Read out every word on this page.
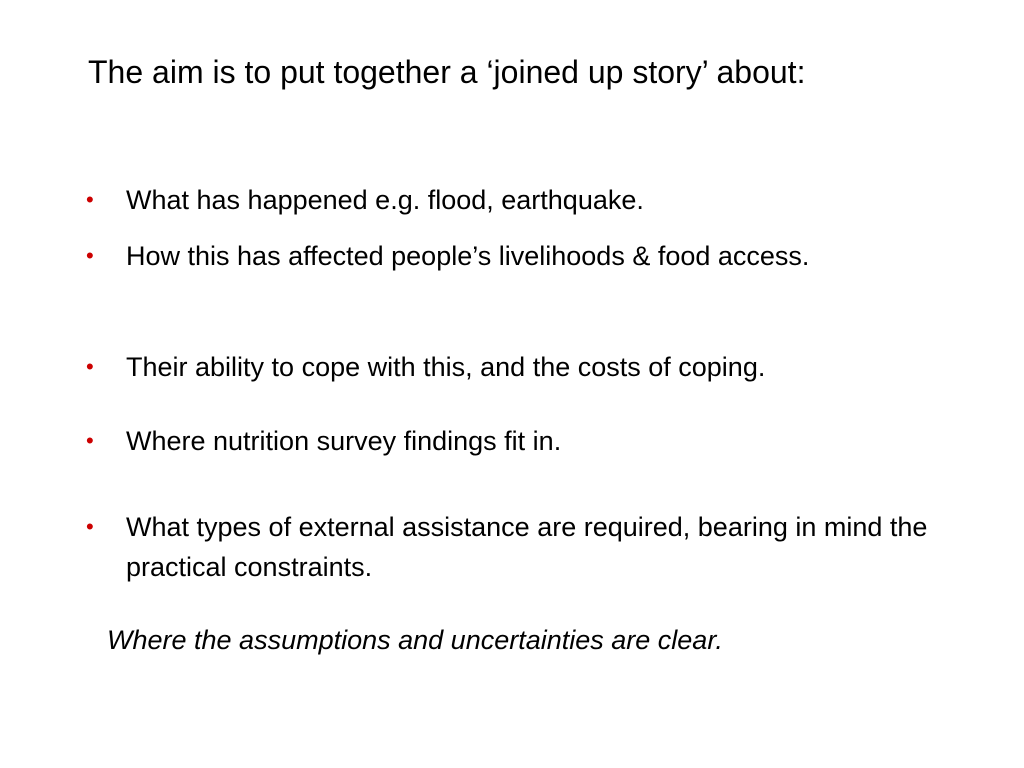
The aim is to put together a ‘joined up story’ about:
•	What has happened e.g. flood, earthquake.
•	How this has affected people’s livelihoods & food access.
•	Their ability to cope with this, and the costs of coping.
•	Where nutrition survey findings fit in.
•	What types of external assistance are required, bearing in mind the practical constraints.

Where the assumptions and uncertainties are clear.
